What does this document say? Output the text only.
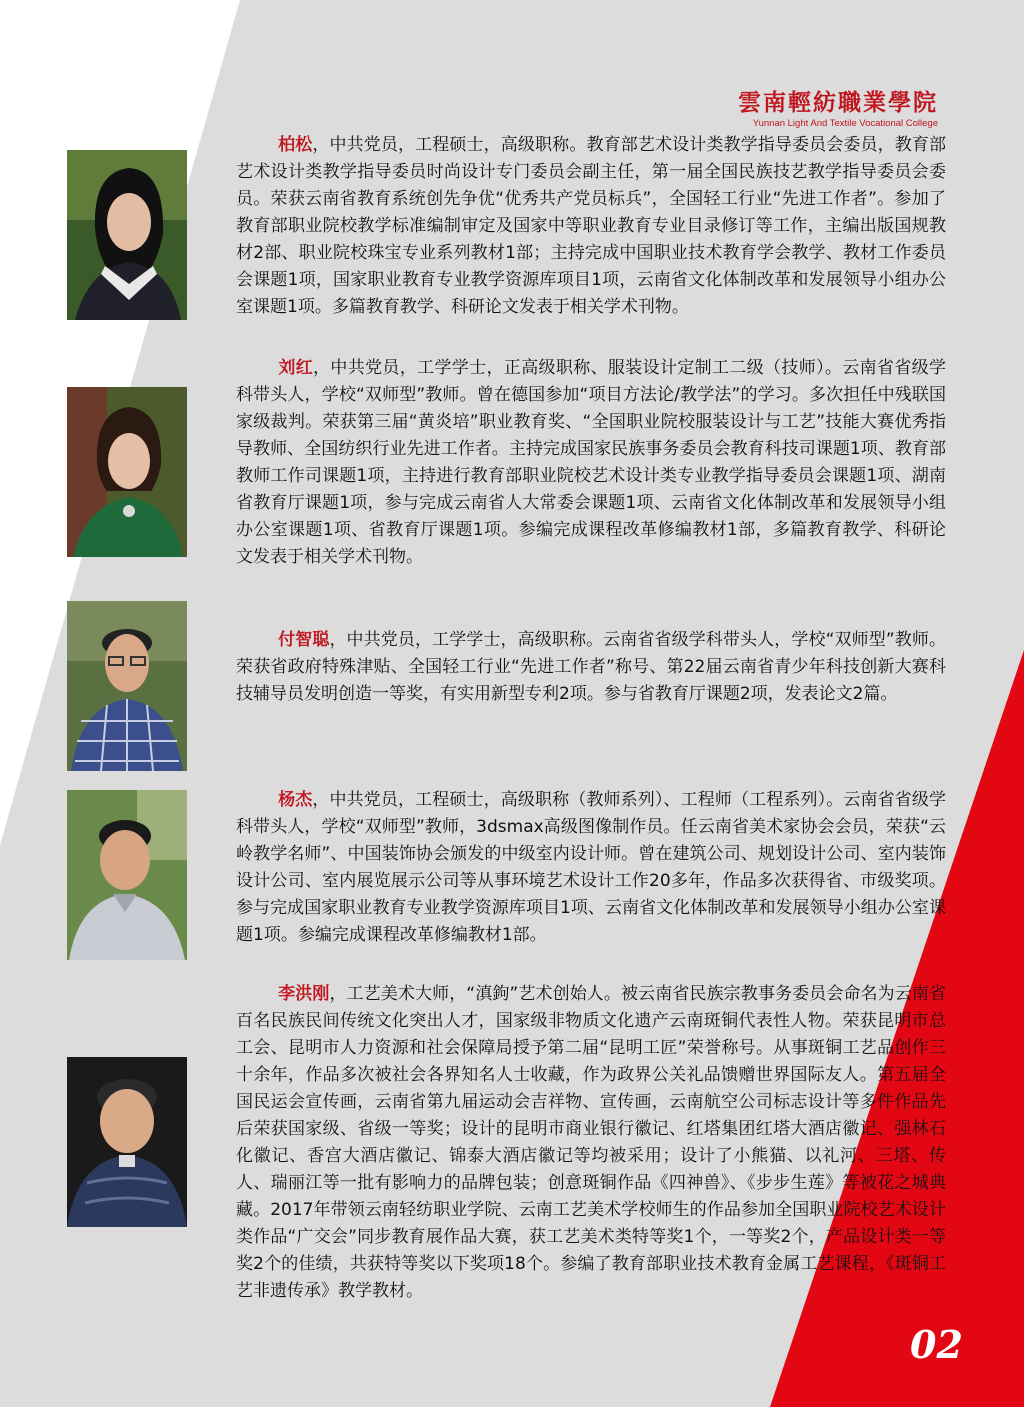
雲南輕紡職業學院
Yunnan Light And Textile Vocational College
柏松，中共党员，工程硕士，高级职称。教育部艺术设计类教学指导委员会委员，教育部艺术设计类教学指导委员时尚设计专门委员会副主任，第一届全国民族技艺教学指导委员会委员。荣获云南省教育系统创先争优“优秀共产党员标兵”，全国轻工行业“先进工作者”。参加了教育部职业院校教学标准编制审定及国家中等职业教育专业目录修订等工作，主编出版国规教材2部、职业院校珠宝专业系列教材1部；主持完成中国职业技术教育学会教学、教材工作委员会课题1项，国家职业教育专业教学资源库项目1项，云南省文化体制改革和发展领导小组办公室课题1项。多篇教育教学、科研论文发表于相关学术刊物。
刘红，中共党员，工学学士，正高级职称、服装设计定制工二级（技师）。云南省省级学科带头人，学校“双师型”教师。曾在德国参加“项目方法论/教学法”的学习。多次担任中残联国家级裁判。荣获第三届“黄炎培”职业教育奖、“全国职业院校服装设计与工艺”技能大赛优秀指导教师、全国纺织行业先进工作者。主持完成国家民族事务委员会教育科技司课题1项、教育部教师工作司课题1项，主持进行教育部职业院校艺术设计类专业教学指导委员会课题1项、湖南省教育厅课题1项，参与完成云南省人大常委会课题1项、云南省文化体制改革和发展领导小组办公室课题1项、省教育厅课题1项。参编完成课程改革修编教材1部，多篇教育教学、科研论文发表于相关学术刊物。
付智聪，中共党员，工学学士，高级职称。云南省省级学科带头人，学校“双师型”教师。荣获省政府特殊津贴、全国轻工行业“先进工作者”称号、第22届云南省青少年科技创新大赛科技辅导员发明创造一等奖，有实用新型专利2项。参与省教育厅课题2项，发表论文2篇。
杨杰，中共党员，工程硕士，高级职称（教师系列）、工程师（工程系列）。云南省省级学科带头人，学校“双师型”教师，3dsmax高级图像制作员。任云南省美术家协会会员，荣获“云岭教学名师”、中国装饰协会颁发的中级室内设计师。曾在建筑公司、规划设计公司、室内装饰设计公司、室内展览展示公司等从事环境艺术设计工作20多年，作品多次获得省、市级奖项。参与完成国家职业教育专业教学资源库项目1项、云南省文化体制改革和发展领导小组办公室课题1项。参编完成课程改革修编教材1部。
李洪刚，工艺美术大师，“滇鉤”艺术创始人。被云南省民族宗教事务委员会命名为云南省百名民族民间传统文化突出人才，国家级非物质文化遗产云南斑铜代表性人物。荣获昆明市总工会、昆明市人力资源和社会保障局授予第二届“昆明工匠”荣誉称号。从事斑铜工艺品创作三十余年，作品多次被社会各界知名人士收藏，作为政界公关礼品馈赠世界国际友人。第五届全国民运会宣传画，云南省第九届运动会吉祥物、宣传画，云南航空公司标志设计等多件作品先后荣获国家级、省级一等奖；设计的昆明市商业银行徽记、红塔集团红塔大酒店徽记、强林石化徽记、香宫大酒店徽记、锦泰大酒店徽记等均被采用；设计了小熊猫、以礼河、三塔、传人、瑞丽江等一批有影响力的品牌包装；创意斑铜作品《四神兽》、《步步生莲》等被花之城典藏。2017年带领云南轻纺职业学院、云南工艺美术学校师生的作品参加全国职业院校艺术设计类作品“广交会”同步教育展作品大赛，获工艺美术类特等奖1个，一等奖2个，产品设计类一等奖2个的佳绩，共获特等奖以下奖项18个。参编了教育部职业技术教育金属工艺课程，《斑铜工艺非遗传承》教学教材。
02
